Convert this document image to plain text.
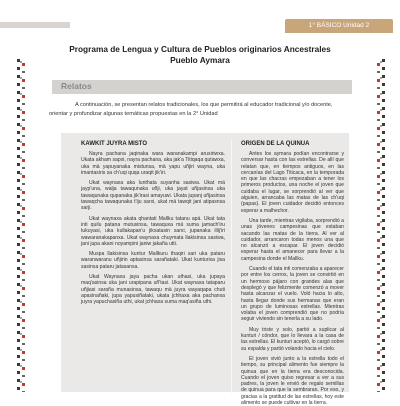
1° BÁSICO Unidad 2
Programa de Lengua y Cultura de Pueblos originarios Ancestrales
Pueblo Aymara
Relatos
A continuación, se presentan relatos tradicionales, los que permitirá al educador tradicional y/o docente,
orientar y profundizar algunas temáticas propuestas en la 2° Unidad
KAWKIT JUYRA MISTO

Nayra pachana jaqinaka wara waranakampi arusiriwxa. Ukata akham sapxi, nayra pachana, aka jak'a Titiqaqa qutawxa, uka mä yapuyanaka mistunsa, mä yapu uñjiri wayna, uka imantasiris sa ch'uqi quqa uraqit jik'iri.

Ukat waynaxa aka lunthata suyanha sasiwa. Ukat mä jayp'una, walja tawaqunaka uñji, uka jayat uñjasinsa uka tawaqunaka qupanaka jik'irasi amayuwi. Ukata jupanj uñjasinsa tawaqcha tawaqunaka t'iju sarxi, ukat mä tawqit jani atipasnsa sarji.

Ukat waynaxa akata qhantati Mallku tatanu apä. Ukat tata inti quilu patana mutusinsa, tawaquxa mä suma jamach'iru tukuyasi, uka kullakapan'u jikxatasin sarxi, jupanaka illij'iri wawaranakapanxa. Ukat waynaxa chuymata llakisinsa sasiwa, jani jupa akani noyampini janiw jakaña utti.

Muspa llakisinsa kuntur Mallkuru thaqiri sari uka pataru waranwaranu uñjirin aptasinsa sarañataki. Ukat kunturixa jisa sasinsa pataru jatasansa.

Ukat Waynaxa jaya pacha ukan uthasi, uka jupaya maq'asinsa uka jani urapipana uñ'tasi. Ukat waynaxa tataparu uñjiasi saraña munasinsa, tawaqu mä juyra wayaqapa chuti apasinañaki, jupa yapusiñataki, ukata jchhaxa aka pachanxa juyra yapuchasiña uthi, ukat jchhaxa suma maq'asiña uthi.

ORIGEN DE LA QUINUA

Antes los aymara podían encontrarse y conversar hasta con las estrellas. De allí que relatan que, en tiempos antiguos, en las cercanías del Lago Titicaca, en la temporada en que las chacras empezaban a tener los primeros productos, una noche el joven que cuidaba el lugar, se sorprendió al ver que alguien, arrancaba las matas de las ch'uqi (papas). El joven cuidador decidió entonces esperar a malhechor.

Una tarde, mientras vigilaba, sorprendió a unas jóvenes campesinas que estaban sacando las matas de la tierra. Al ver al cuidador, arrancaron todas menos una que no alcanzó a escapar. El joven decidió esperar hasta el amanecer para llevar a la campesina donde el Mallku.

Cuando el tata inti comenzaba a aparecer por entre los cerros, la joven se convirtió en un hermoso pájaro con grandes alas que desplegó y que felizmente comenzó a mover hasta alcanzar el vuelo. Voló hacia lo alto, hasta llegar donde sus hermanas que eran un grupo de luminosas estrellas. Mientras volaba el joven comprendió que no podría seguir viviendo sin tenerla a su lado.

Muy triste y solo, partió a suplicar al kunturi / cóndor, que lo llevara a la casa de las estrellas. El kunturi aceptó, lo cargó sobre su espalda y partió volando hacia el cielo.

El joven vivió junto a la estrella todo el tiempo, su principal alimento fue siempre la quinua que en la tierra era desconocida. Cuando el joven quiso regresar a ver a sus padres, la joven le envió de regalo semillas de quinua para que la sembraran. Por eso, y gracias a la gratitud de las estrellas, hoy este alimento se puede cultivar en la tierra.
